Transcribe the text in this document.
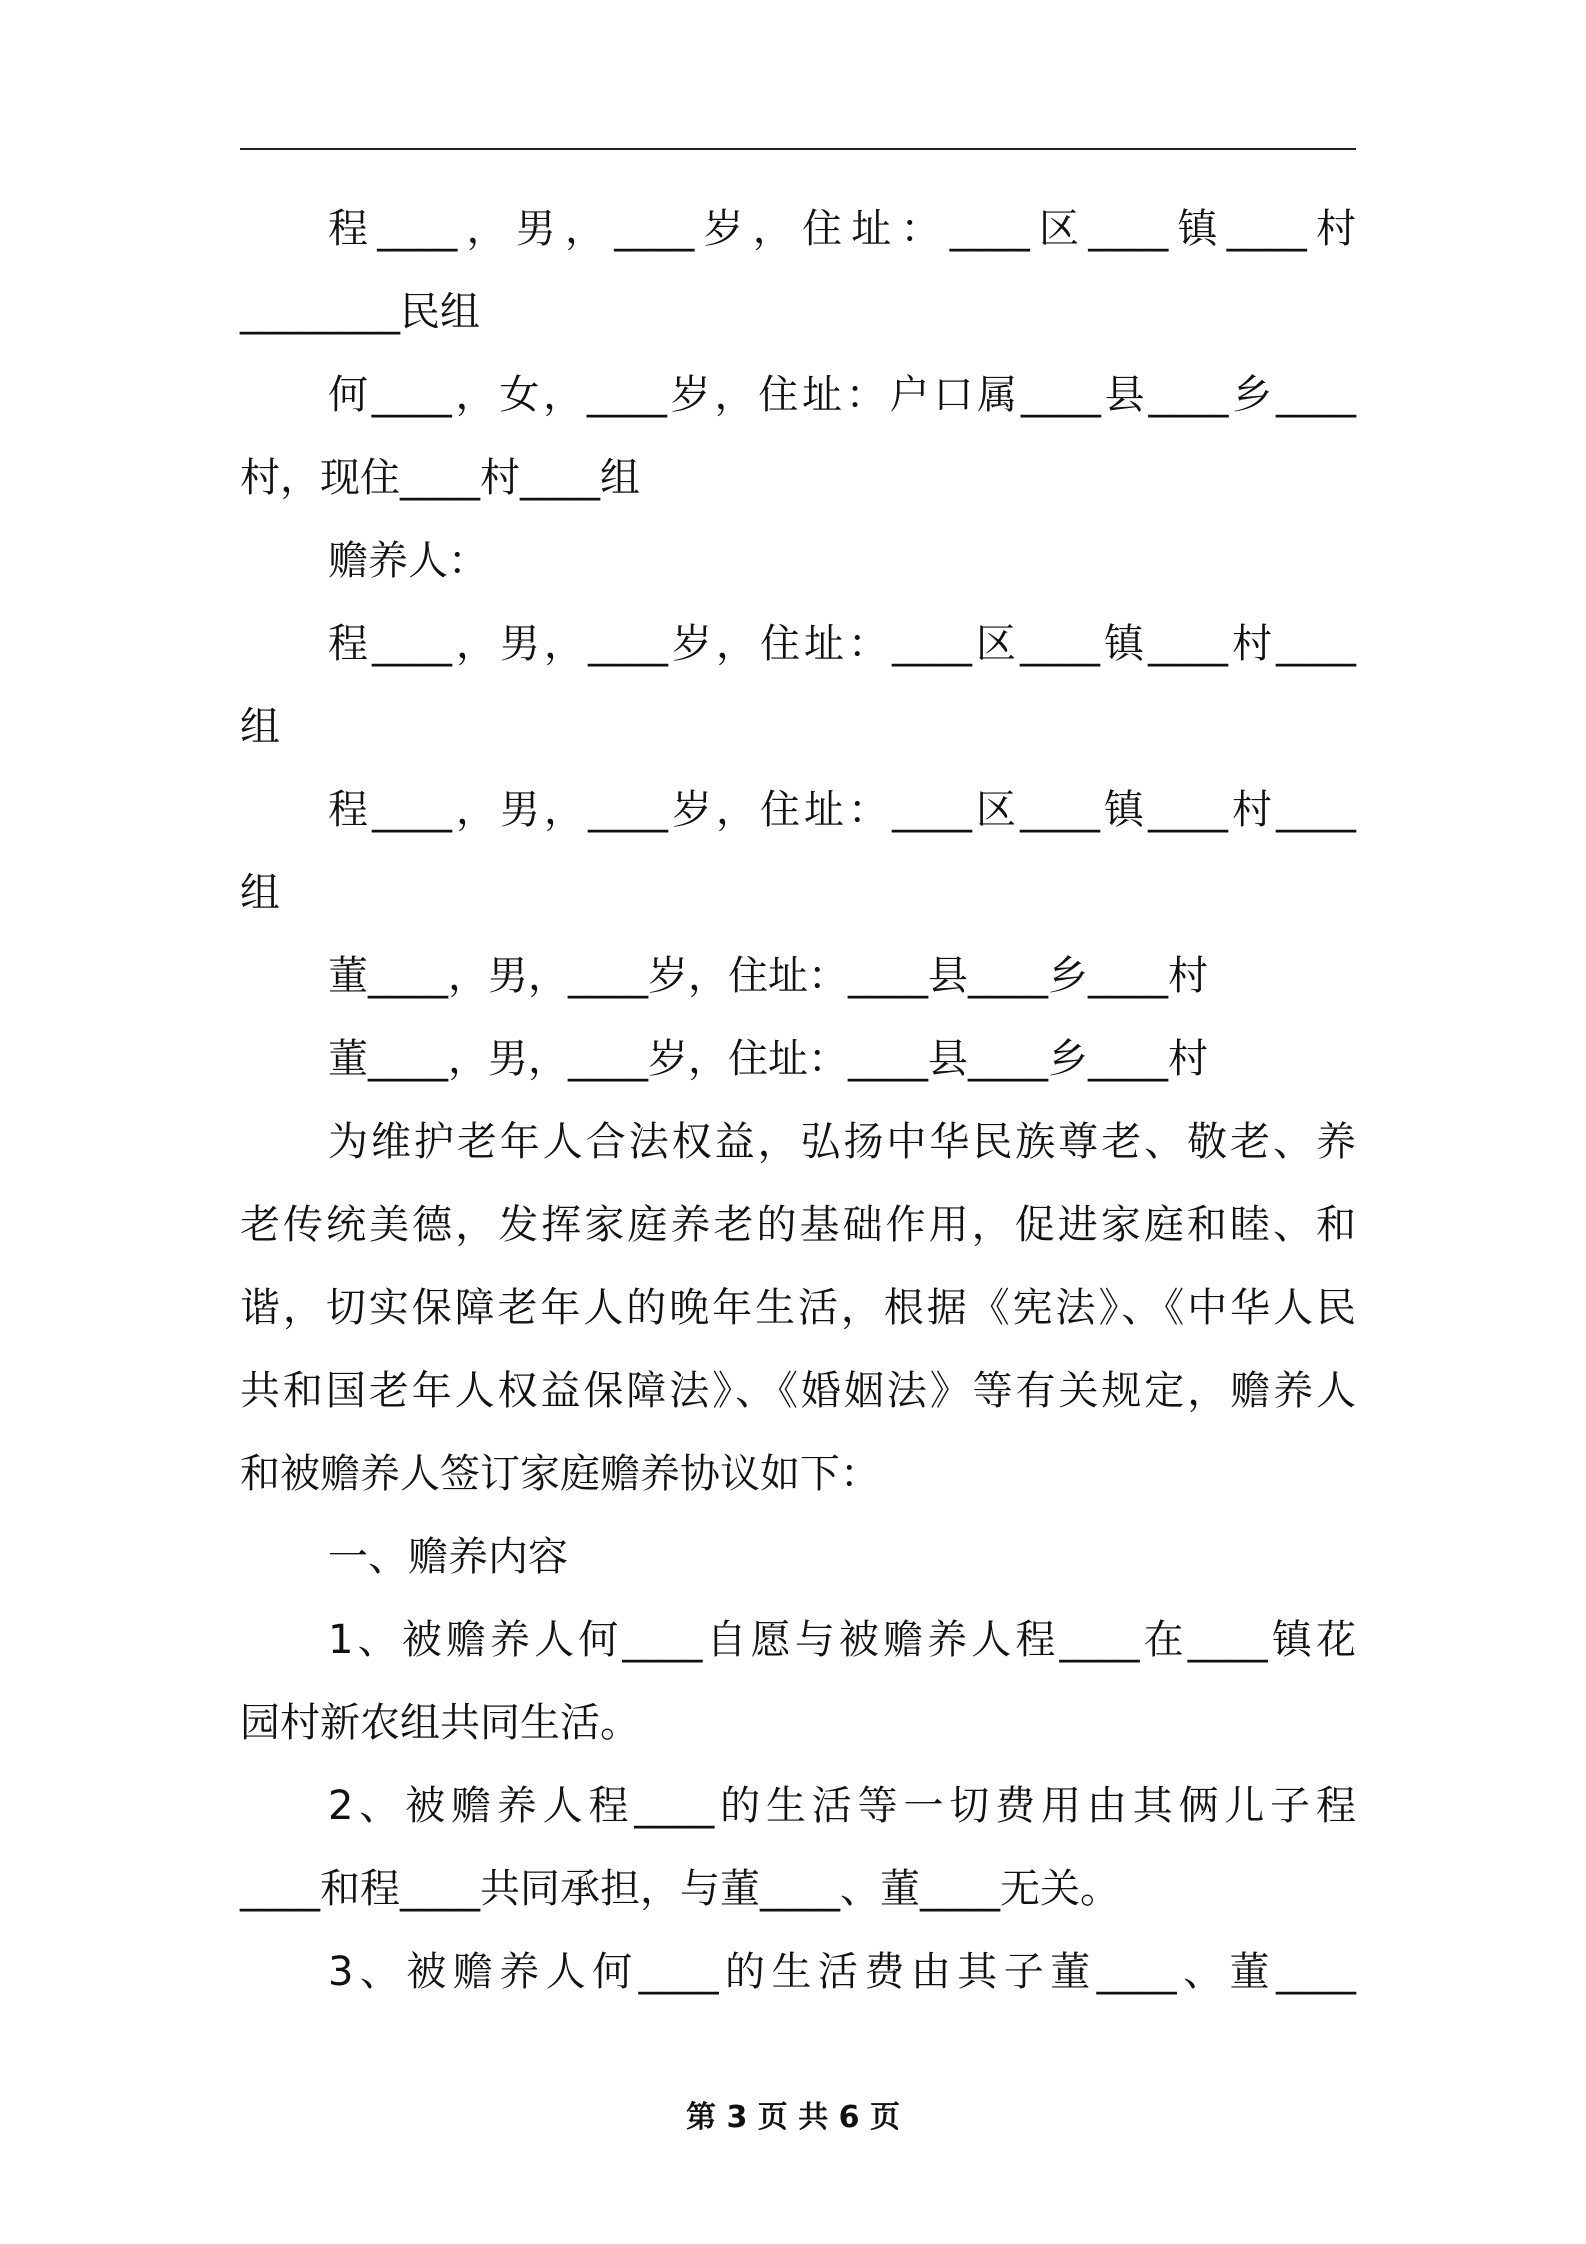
程____，男，____岁，住址：____区____镇____村
________民组
何____，女，____岁，住址：户口属____县____乡____
村，现住____村____组
赡养人：
程____，男，____岁，住址：____区____镇____村____
组
程____，男，____岁，住址：____区____镇____村____
组
董____，男，____岁，住址：____县____乡____村
董____，男，____岁，住址：____县____乡____村
为维护老年人合法权益，弘扬中华民族尊老、敬老、养
老传统美德，发挥家庭养老的基础作用，促进家庭和睦、和
谐，切实保障老年人的晚年生活，根据《宪法》、《中华人民
共和国老年人权益保障法》、《婚姻法》等有关规定，赡养人
和被赡养人签订家庭赡养协议如下：
一、赡养内容
1、被赡养人何____自愿与被赡养人程____在____镇花
园村新农组共同生活。
2、被赡养人程____的生活等一切费用由其俩儿子程
____和程____共同承担，与董____、董____无关。
3、被赡养人何____的生活费由其子董____、董____
第 3 页 共 6 页
